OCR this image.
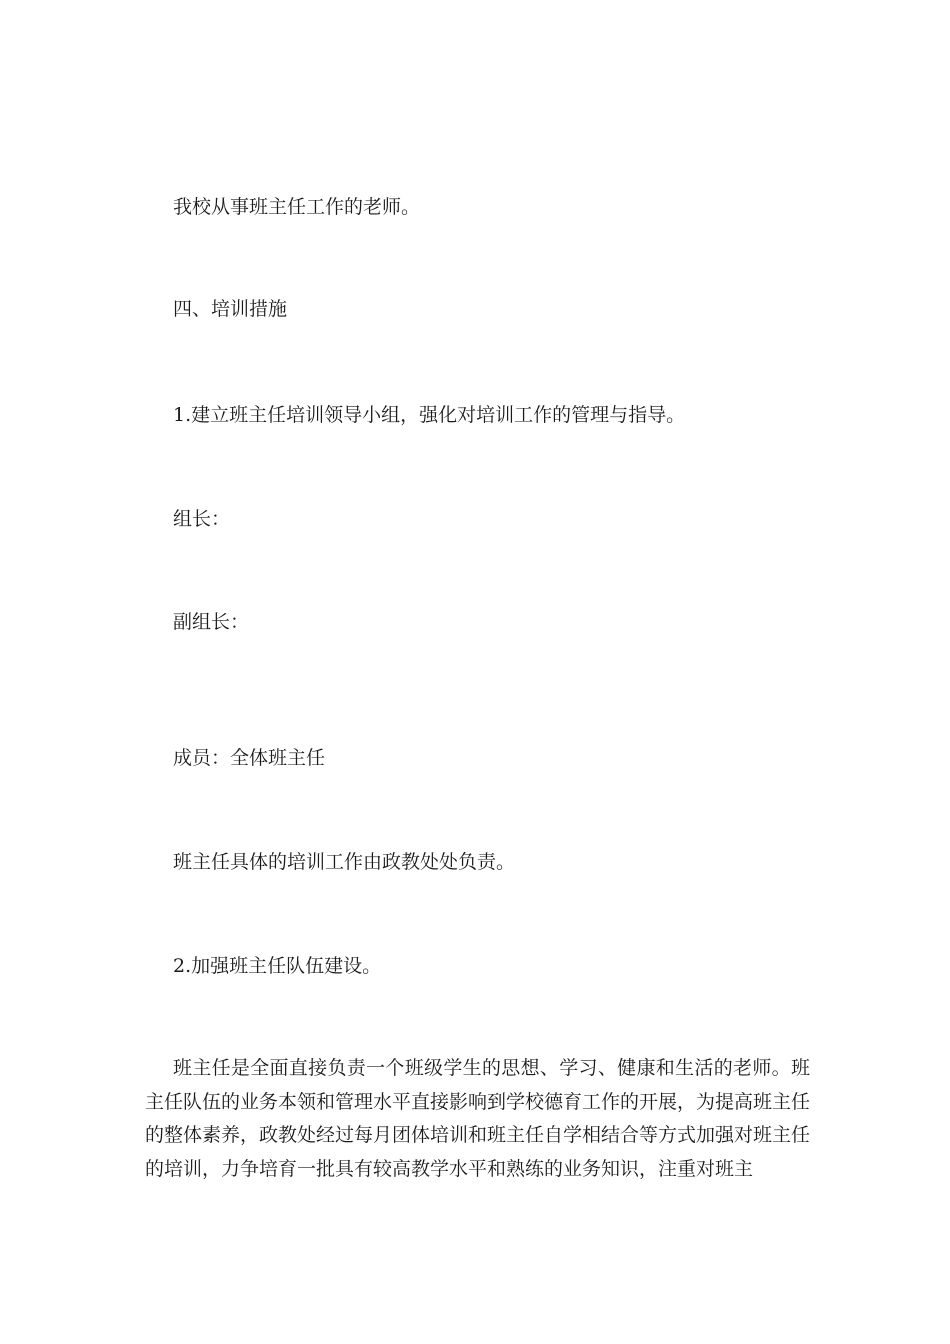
我校从事班主任工作的老师。

四、培训措施

1.建立班主任培训领导小组，强化对培训工作的管理与指导。

组长：

副组长：

成员：全体班主任

班主任具体的培训工作由政教处处负责。

2.加强班主任队伍建设。

班主任是全面直接负责一个班级学生的思想、学习、健康和生活的老师。班主任队伍的业务本领和管理水平直接影响到学校德育工作的开展，为提高班主任的整体素养，政教处经过每月团体培训和班主任自学相结合等方式加强对班主任的培训，力争培育一批具有较高教学水平和熟练的业务知识，注重对班主
